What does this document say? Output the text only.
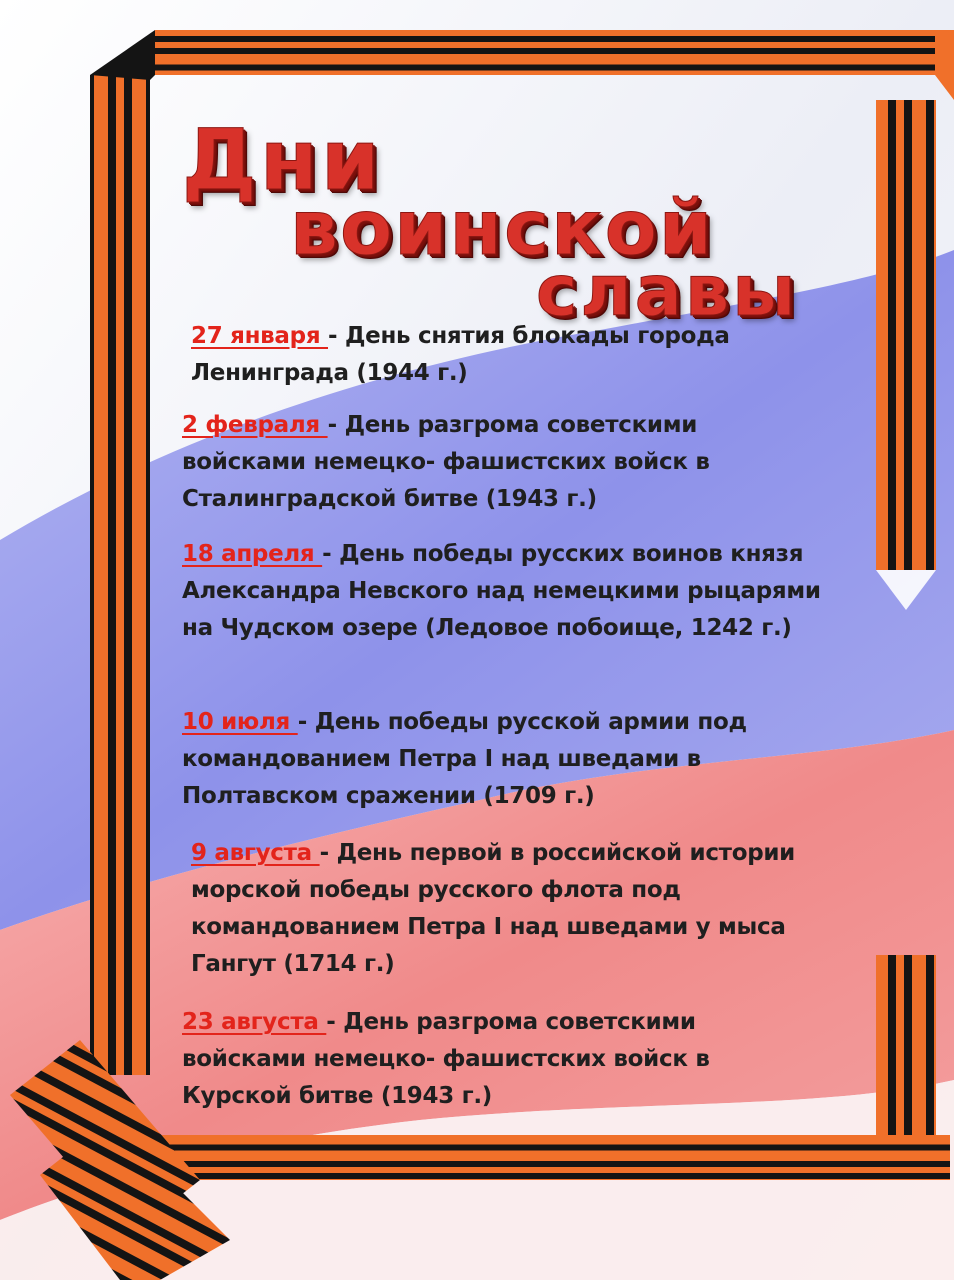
Дни
воинской
славы
27 января - День снятия блокады города Ленинграда (1944 г.)
2 февраля - День разгрома советскими войсками немецко- фашистских войск в Сталинградской битве (1943 г.)
18 апреля - День победы русских воинов князя Александра Невского над немецкими рыцарями на Чудском озере (Ледовое побоище, 1242 г.)
10 июля - День победы русской армии под командованием Петра I над шведами в Полтавском сражении (1709 г.)
9 августа - День первой в российской истории морской победы русского флота под командованием Петра I над шведами у мыса Гангут (1714 г.)
23 августа - День разгрома советскими войсками немецко- фашистских войск в Курской битве (1943 г.)
